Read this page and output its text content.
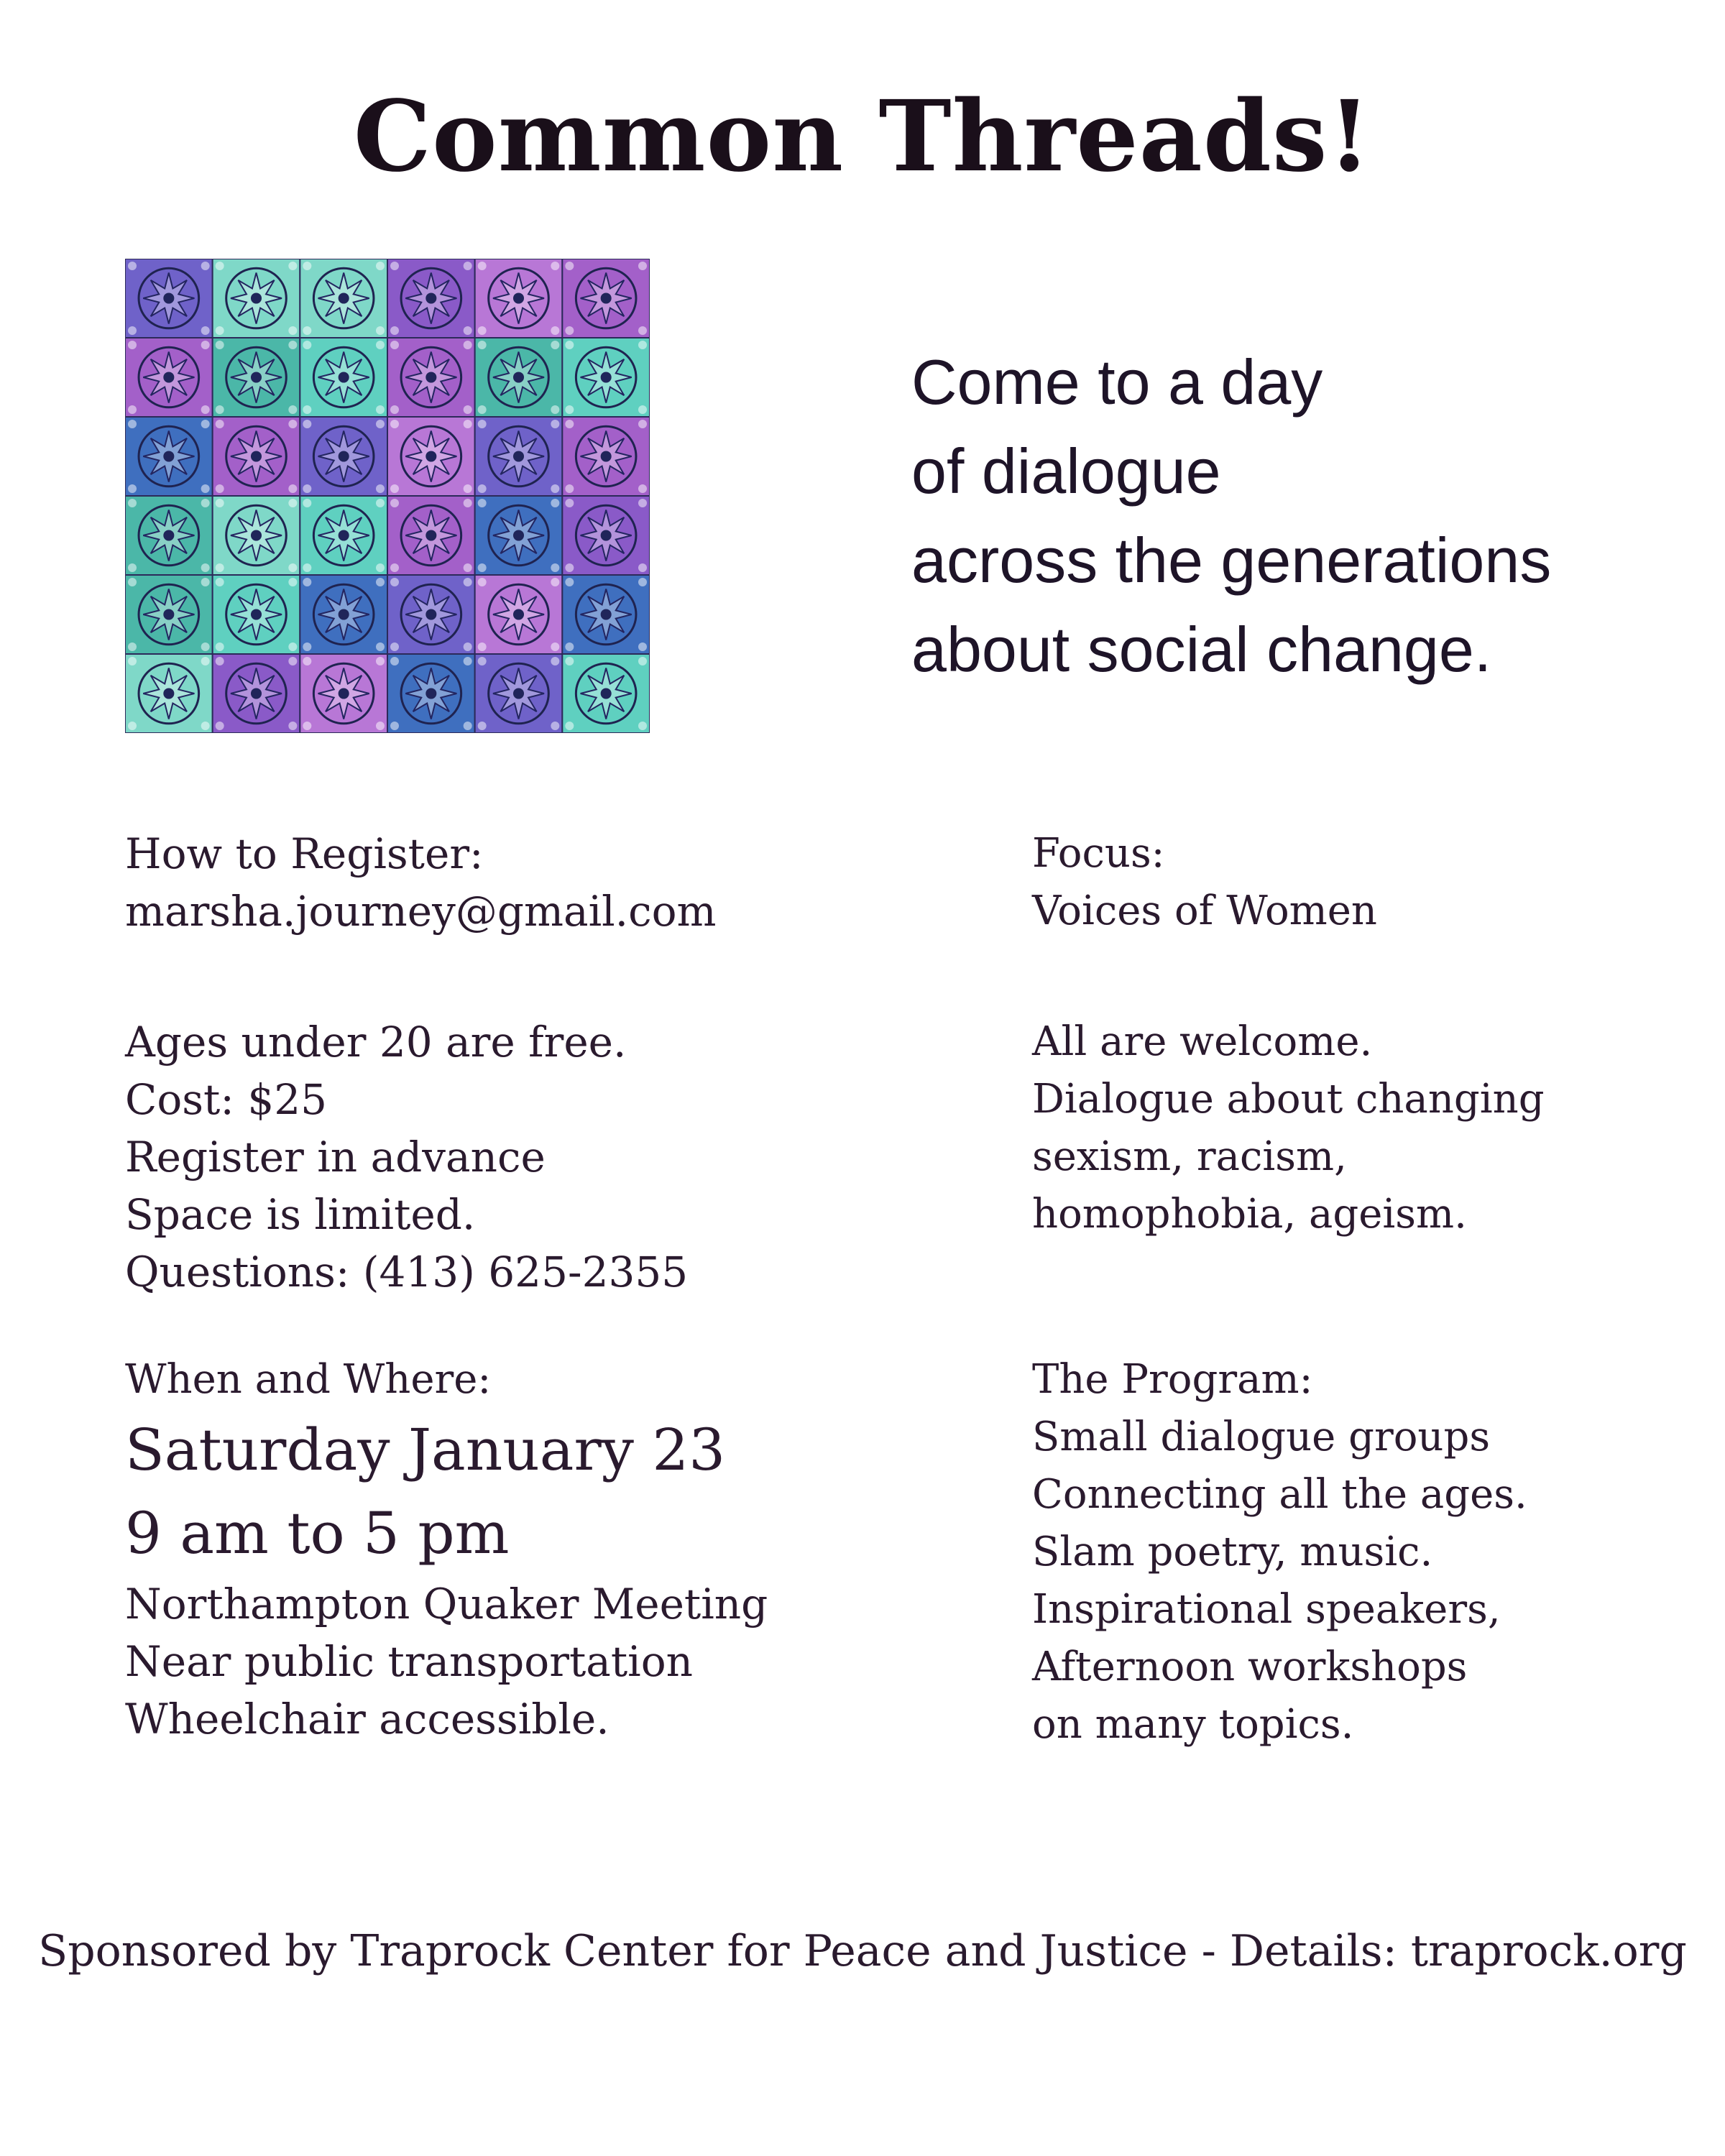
Common Threads!
Come to a day
of dialogue
across the generations
about social change.
How to Register:
marsha.journey@gmail.com
Ages under 20 are free.
Cost: $25
Register in advance
Space is limited.
Questions: (413) 625-2355
When and Where:
Saturday January 23
9 am to 5 pm
Northampton Quaker Meeting
Near public transportation
Wheelchair accessible.
Focus:
Voices of Women
All are welcome.
Dialogue about changing
sexism, racism,
homophobia, ageism.
The Program:
Small dialogue groups
Connecting all the ages.
Slam poetry, music.
Inspirational speakers,
Afternoon workshops
on many topics.
Sponsored by Traprock Center for Peace and Justice - Details: traprock.org
